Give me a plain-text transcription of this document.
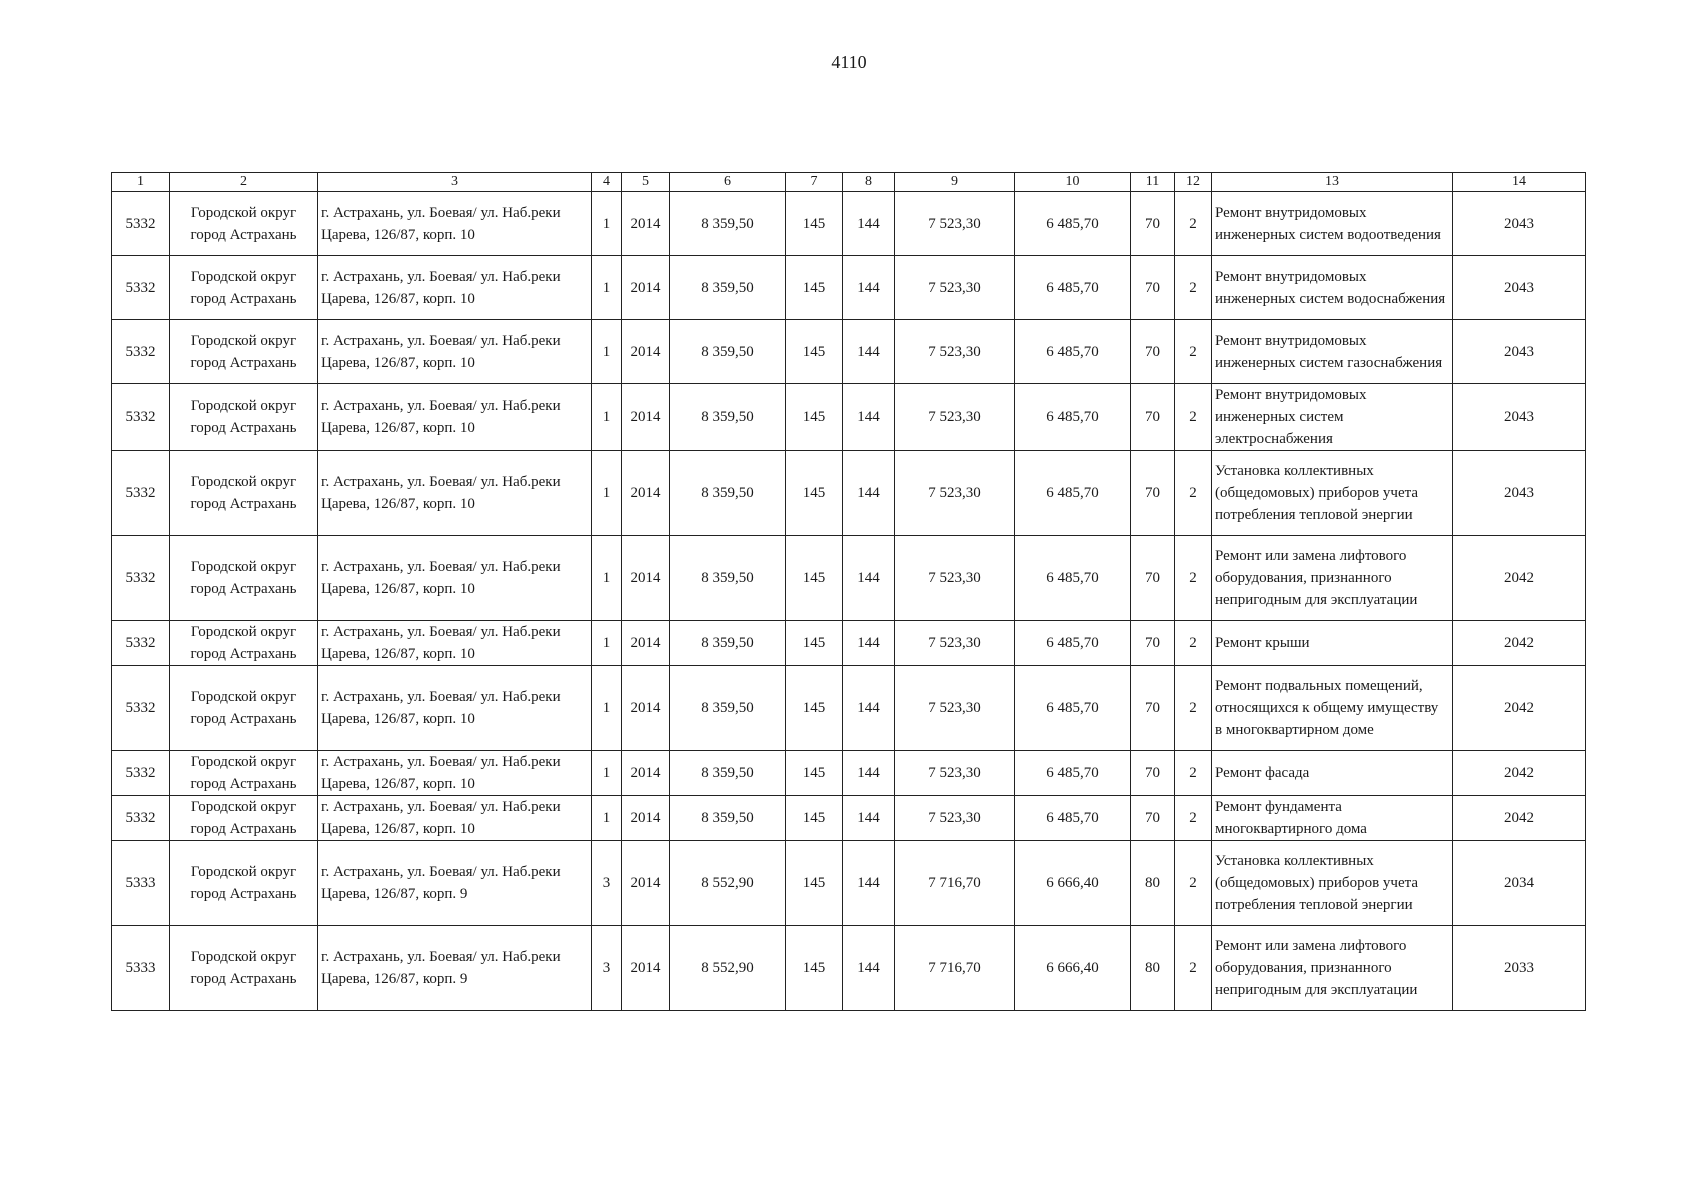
4110
1	2	3	4	5	6	7	8	9	10	11	12	13	14
5332	Городской округ город Астрахань	г. Астрахань, ул. Боевая/ ул. Наб.реки Царева, 126/87, корп. 10	1	2014	8 359,50	145	144	7 523,30	6 485,70	70	2	Ремонт внутридомовых инженерных систем водоотведения	2043
5332	Городской округ город Астрахань	г. Астрахань, ул. Боевая/ ул. Наб.реки Царева, 126/87, корп. 10	1	2014	8 359,50	145	144	7 523,30	6 485,70	70	2	Ремонт внутридомовых инженерных систем водоснабжения	2043
5332	Городской округ город Астрахань	г. Астрахань, ул. Боевая/ ул. Наб.реки Царева, 126/87, корп. 10	1	2014	8 359,50	145	144	7 523,30	6 485,70	70	2	Ремонт внутридомовых инженерных систем газоснабжения	2043
5332	Городской округ город Астрахань	г. Астрахань, ул. Боевая/ ул. Наб.реки Царева, 126/87, корп. 10	1	2014	8 359,50	145	144	7 523,30	6 485,70	70	2	Ремонт внутридомовых инженерных систем электроснабжения	2043
5332	Городской округ город Астрахань	г. Астрахань, ул. Боевая/ ул. Наб.реки Царева, 126/87, корп. 10	1	2014	8 359,50	145	144	7 523,30	6 485,70	70	2	Установка коллективных (общедомовых) приборов учета потребления тепловой энергии	2043
5332	Городской округ город Астрахань	г. Астрахань, ул. Боевая/ ул. Наб.реки Царева, 126/87, корп. 10	1	2014	8 359,50	145	144	7 523,30	6 485,70	70	2	Ремонт или замена лифтового оборудования, признанного непригодным для эксплуатации	2042
5332	Городской округ город Астрахань	г. Астрахань, ул. Боевая/ ул. Наб.реки Царева, 126/87, корп. 10	1	2014	8 359,50	145	144	7 523,30	6 485,70	70	2	Ремонт крыши	2042
5332	Городской округ город Астрахань	г. Астрахань, ул. Боевая/ ул. Наб.реки Царева, 126/87, корп. 10	1	2014	8 359,50	145	144	7 523,30	6 485,70	70	2	Ремонт подвальных помещений, относящихся к общему имуществу в многоквартирном доме	2042
5332	Городской округ город Астрахань	г. Астрахань, ул. Боевая/ ул. Наб.реки Царева, 126/87, корп. 10	1	2014	8 359,50	145	144	7 523,30	6 485,70	70	2	Ремонт фасада	2042
5332	Городской округ город Астрахань	г. Астрахань, ул. Боевая/ ул. Наб.реки Царева, 126/87, корп. 10	1	2014	8 359,50	145	144	7 523,30	6 485,70	70	2	Ремонт фундамента многоквартирного дома	2042
5333	Городской округ город Астрахань	г. Астрахань, ул. Боевая/ ул. Наб.реки Царева, 126/87, корп. 9	3	2014	8 552,90	145	144	7 716,70	6 666,40	80	2	Установка коллективных (общедомовых) приборов учета потребления тепловой энергии	2034
5333	Городской округ город Астрахань	г. Астрахань, ул. Боевая/ ул. Наб.реки Царева, 126/87, корп. 9	3	2014	8 552,90	145	144	7 716,70	6 666,40	80	2	Ремонт или замена лифтового оборудования, признанного непригодным для эксплуатации	2033
